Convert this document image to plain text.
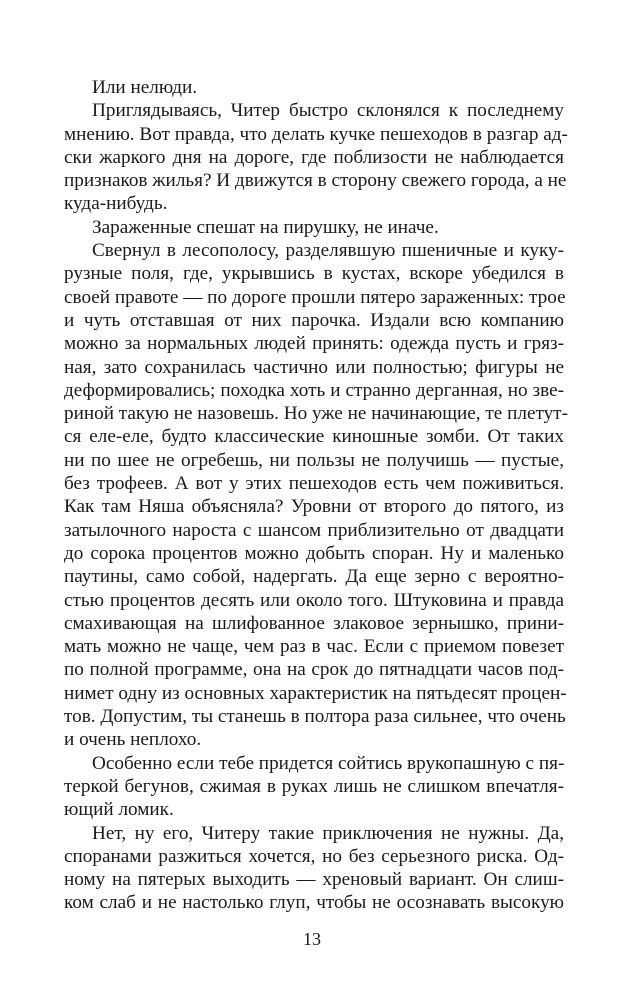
Или нелюди.
Приглядываясь, Читер быстро склонялся к последнему
мнению. Вот правда, что делать кучке пешеходов в разгар ад-
ски жаркого дня на дороге, где поблизости не наблюдается
признаков жилья? И движутся в сторону свежего города, а не
куда-нибудь.
Зараженные спешат на пирушку, не иначе.
Свернул в лесополосу, разделявшую пшеничные и куку-
рузные поля, где, укрывшись в кустах, вскоре убедился в
своей правоте — по дороге прошли пятеро зараженных: трое
и чуть отставшая от них парочка. Издали всю компанию
можно за нормальных людей принять: одежда пусть и гряз-
ная, зато сохранилась частично или полностью; фигуры не
деформировались; походка хоть и странно дерганная, но зве-
риной такую не назовешь. Но уже не начинающие, те плетут-
ся еле-еле, будто классические киношные зомби. От таких
ни по шее не огребешь, ни пользы не получишь — пустые,
без трофеев. А вот у этих пешеходов есть чем поживиться.
Как там Няша объясняла? Уровни от второго до пятого, из
затылочного нароста с шансом приблизительно от двадцати
до сорока процентов можно добыть споран. Ну и маленько
паутины, само собой, надергать. Да еще зерно с вероятно-
стью процентов десять или около того. Штуковина и правда
смахивающая на шлифованное злаковое зернышко, прини-
мать можно не чаще, чем раз в час. Если с приемом повезет
по полной программе, она на срок до пятнадцати часов под-
нимет одну из основных характеристик на пятьдесят процен-
тов. Допустим, ты станешь в полтора раза сильнее, что очень
и очень неплохо.
Особенно если тебе придется сойтись врукопашную с пя-
теркой бегунов, сжимая в руках лишь не слишком впечатля-
ющий ломик.
Нет, ну его, Читеру такие приключения не нужны. Да,
споранами разжиться хочется, но без серьезного риска. Од-
ному на пятерых выходить — хреновый вариант. Он слиш-
ком слаб и не настолько глуп, чтобы не осознавать высокую
13
